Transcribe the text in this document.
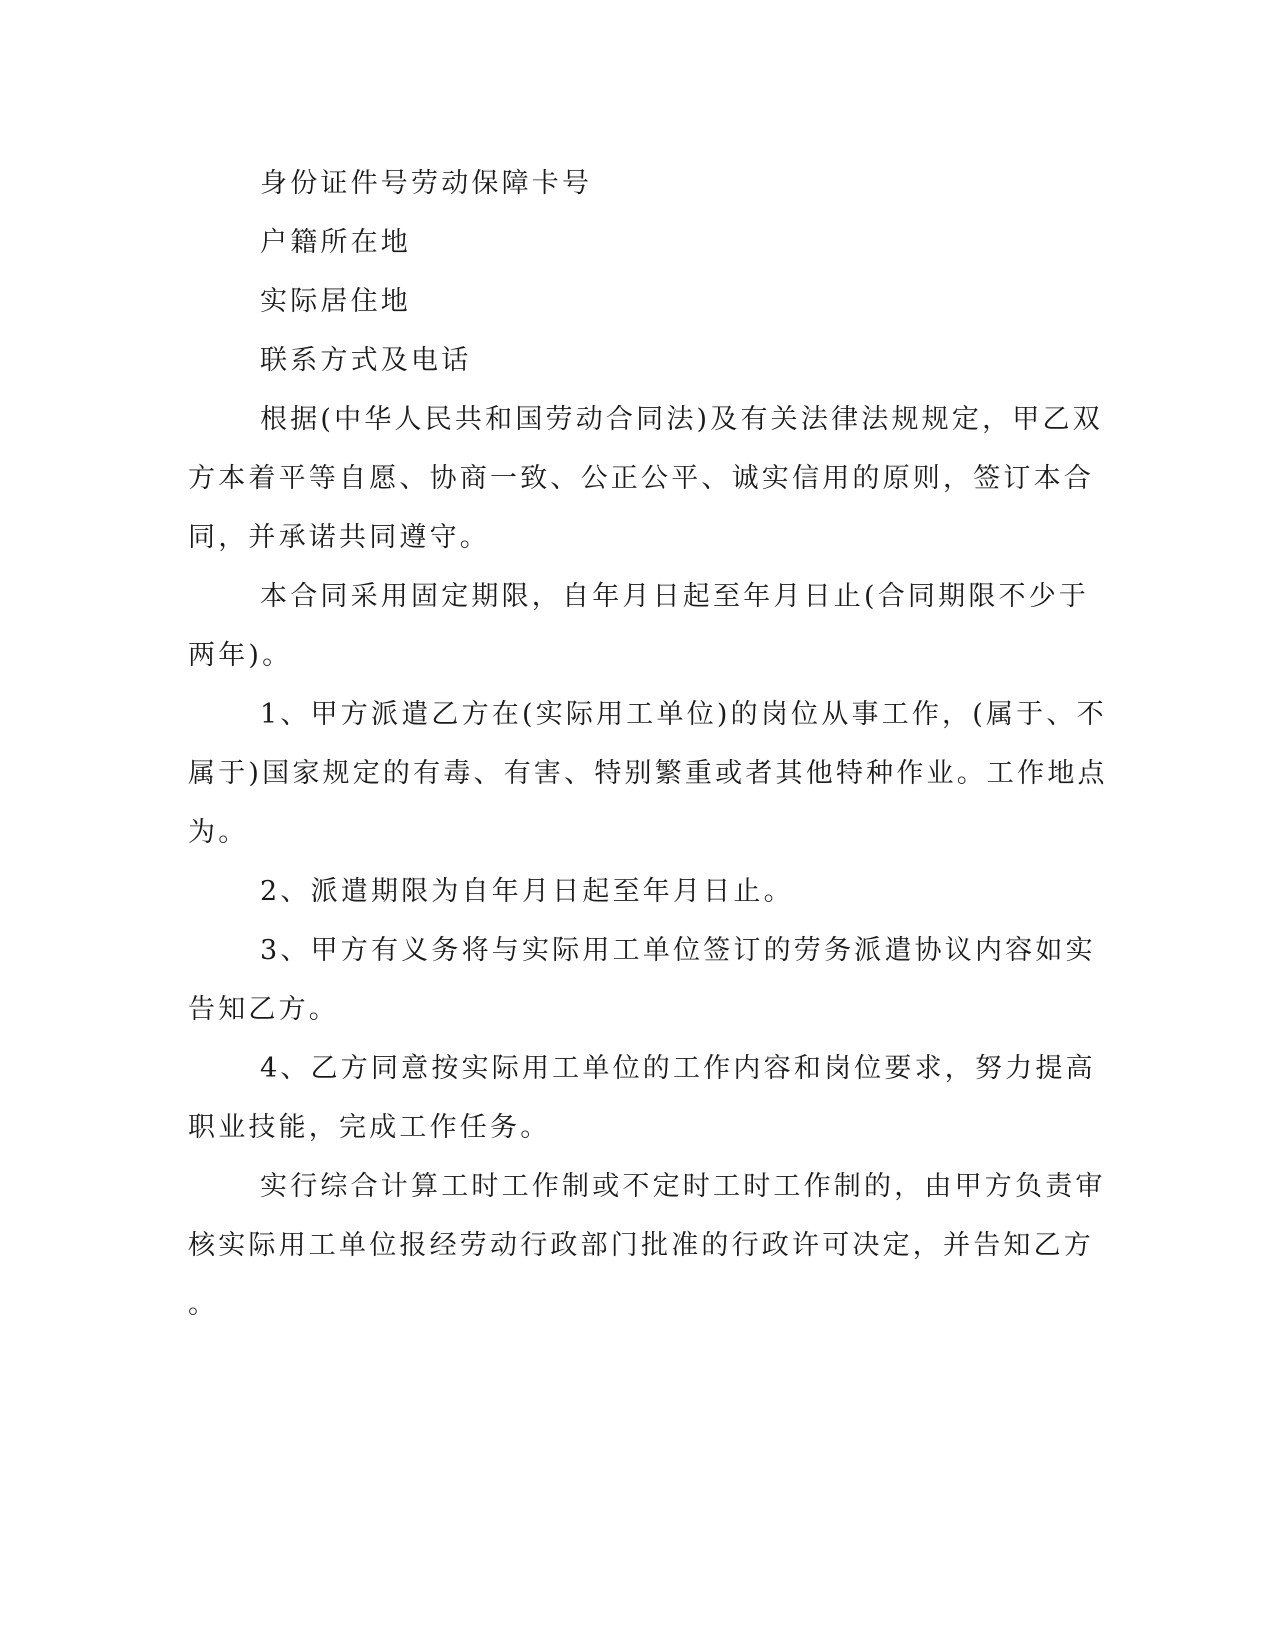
身份证件号劳动保障卡号
户籍所在地
实际居住地
联系方式及电话

根据(中华人民共和国劳动合同法)及有关法律法规规定，甲乙双
方本着平等自愿、协商一致、公正公平、诚实信用的原则，签订本合
同，并承诺共同遵守。

本合同采用固定期限，自年月日起至年月日止(合同期限不少于
两年)。

1、甲方派遣乙方在(实际用工单位)的岗位从事工作，(属于、不
属于)国家规定的有毒、有害、特别繁重或者其他特种作业。工作地点
为。

2、派遣期限为自年月日起至年月日止。

3、甲方有义务将与实际用工单位签订的劳务派遣协议内容如实
告知乙方。

4、乙方同意按实际用工单位的工作内容和岗位要求，努力提高
职业技能，完成工作任务。

实行综合计算工时工作制或不定时工时工作制的，由甲方负责审
核实际用工单位报经劳动行政部门批准的行政许可决定，并告知乙方
。
